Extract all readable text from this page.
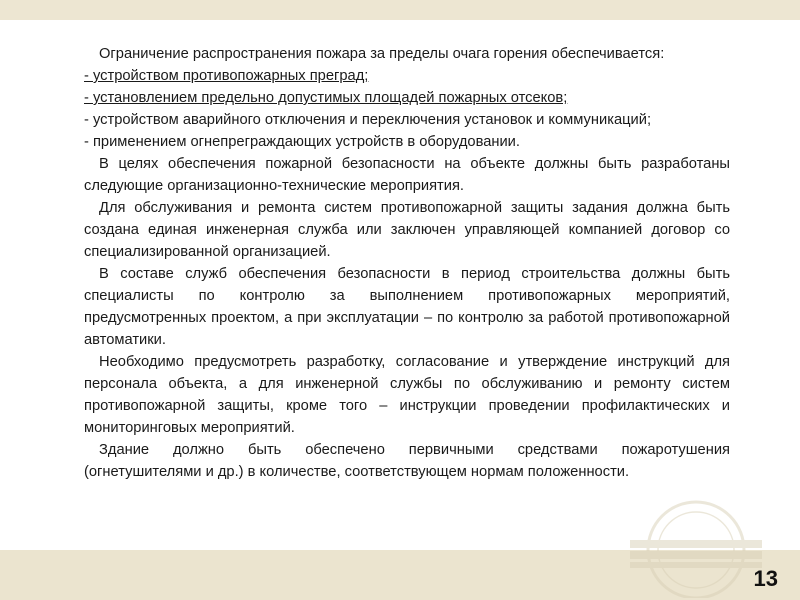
Ограничение распространения пожара за пределы очага горения обеспечивается:

- устройством противопожарных преград;

- установлением предельно допустимых площадей пожарных отсеков;

- устройством аварийного отключения и переключения установок и коммуникаций;

- применением огнепреграждающих устройств в оборудовании.

В целях обеспечения пожарной безопасности на объекте должны быть разработаны следующие организационно-технические мероприятия.

Для обслуживания и ремонта систем противопожарной защиты задания должна быть создана единая инженерная служба или заключен управляющей компанией договор со специализированной организацией.

В составе служб обеспечения безопасности в период строительства должны быть специалисты по контролю за выполнением противопожарных мероприятий, предусмотренных проектом, а при эксплуатации – по контролю за работой противопожарной автоматики.

Необходимо предусмотреть разработку, согласование и утверждение инструкций для персонала объекта, а для инженерной службы по обслуживанию и ремонту систем противопожарной защиты, кроме того – инструкции проведении профилактических и мониторинговых мероприятий.

Здание должно быть обеспечено первичными средствами пожаротушения (огнетушителями и др.) в количестве, соответствующем нормам положенности.

13
